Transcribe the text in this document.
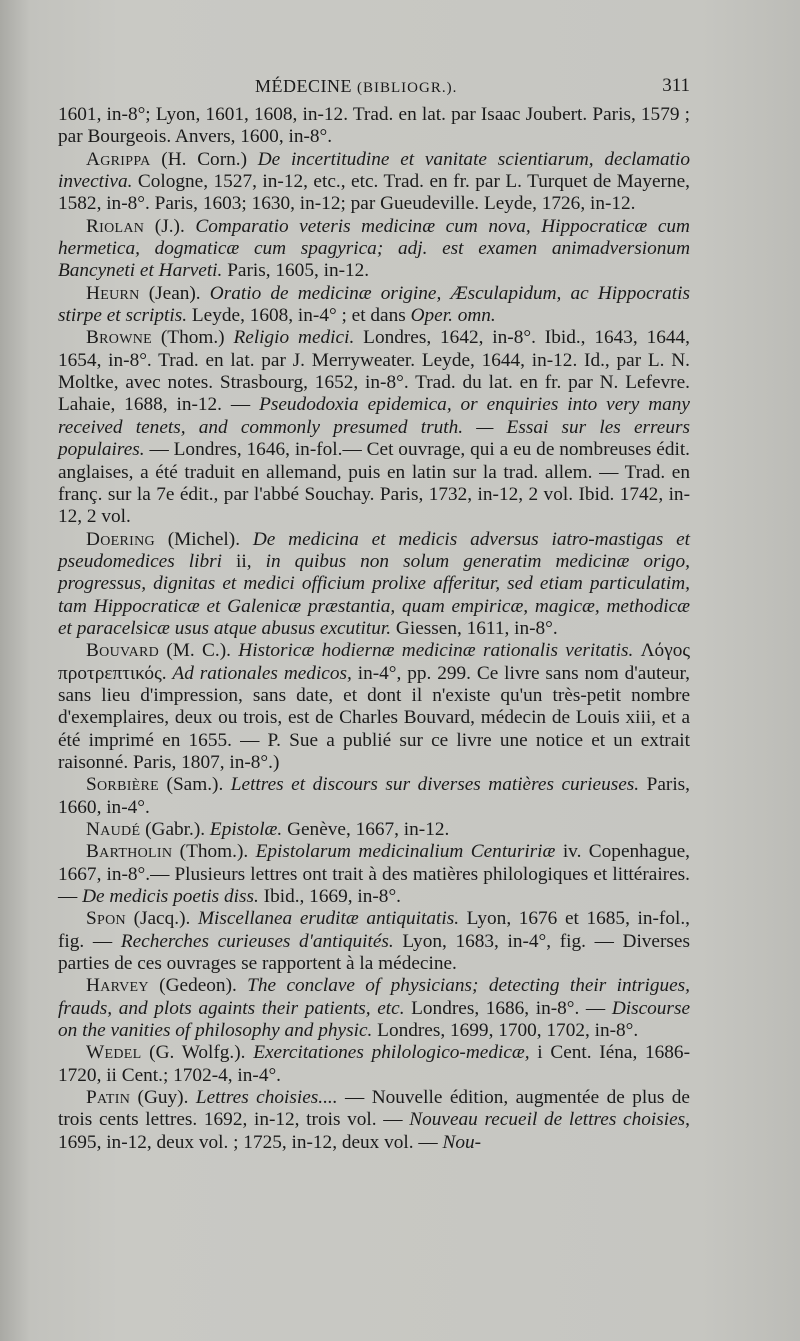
MÉDECINE (BIBLIOGR.).	311

1601, in-8°; Lyon, 1601, 1608, in-12. Trad. en lat. par Isaac Joubert. Paris, 1579 ; par Bourgeois. Anvers, 1600, in-8°.

Agrippa (H. Corn.) De incertitudine et vanitate scientiarum, declamatio invectiva. Cologne, 1527, in-12, etc., etc. Trad. en fr. par L. Turquet de Mayerne, 1582, in-8°. Paris, 1603; 1630, in-12; par Gueudeville. Leyde, 1726, in-12.

Riolan (J.). Comparatio veteris medicinæ cum nova, Hippocraticæ cum hermetica, dogmaticæ cum spagyrica; adj. est examen animadversionum Bancyneti et Harveti. Paris, 1605, in-12.

Heurn (Jean). Oratio de medicinæ origine, Æsculapidum, ac Hippocratis stirpe et scriptis. Leyde, 1608, in-4° ; et dans Oper. omn.

Browne (Thom.) Religio medici. Londres, 1642, in-8°. Ibid., 1643, 1644, 1654, in-8°. Trad. en lat. par J. Merryweater. Leyde, 1644, in-12. Id., par L. N. Moltke, avec notes. Strasbourg, 1652, in-8°. Trad. du lat. en fr. par N. Lefevre. Lahaie, 1688, in-12. — Pseudodoxia epidemica, or enquiries into very many received tenets, and commonly presumed truth. — Essai sur les erreurs populaires. — Londres, 1646, in-fol.— Cet ouvrage, qui a eu de nombreuses édit. anglaises, a été traduit en allemand, puis en latin sur la trad. allem. — Trad. en franç. sur la 7e édit., par l'abbé Souchay. Paris, 1732, in-12, 2 vol. Ibid. 1742, in-12, 2 vol.

Doering (Michel). De medicina et medicis adversus iatro-mastigas et pseudomedices libri ii, in quibus non solum generatim medicinæ origo, progressus, dignitas et medici officium prolixe afferitur, sed etiam particulatim, tam Hippocraticæ et Galenicæ præstantia, quam empiricæ, magicæ, methodicæ et paracelsicæ usus atque abusus excutitur. Giessen, 1611, in-8°.

Bouvard (M. C.). Historicæ hodiernæ medicinæ rationalis veritatis. Λόγος προτρεπτικός. Ad rationales medicos, in-4°, pp. 299. Ce livre sans nom d'auteur, sans lieu d'impression, sans date, et dont il n'existe qu'un très-petit nombre d'exemplaires, deux ou trois, est de Charles Bouvard, médecin de Louis xiii, et a été imprimé en 1655. — P. Sue a publié sur ce livre une notice et un extrait raisonné. Paris, 1807, in-8°.)

Sorbière (Sam.). Lettres et discours sur diverses matières curieuses. Paris, 1660, in-4°.

Naudé (Gabr.). Epistolæ. Genève, 1667, in-12.

Bartholin (Thom.). Epistolarum medicinalium Centuririæ iv. Copenhague, 1667, in-8°.— Plusieurs lettres ont trait à des matières philologiques et littéraires. — De medicis poetis diss. Ibid., 1669, in-8°.

Spon (Jacq.). Miscellanea eruditæ antiquitatis. Lyon, 1676 et 1685, in-fol., fig. — Recherches curieuses d'antiquités. Lyon, 1683, in-4°, fig. — Diverses parties de ces ouvrages se rapportent à la médecine.

Harvey (Gedeon). The conclave of physicians; detecting their intrigues, frauds, and plots againts their patients, etc. Londres, 1686, in-8°. — Discourse on the vanities of philosophy and physic. Londres, 1699, 1700, 1702, in-8°.

Wedel (G. Wolfg.). Exercitationes philologico-medicæ, i Cent. Iéna, 1686-1720, ii Cent.; 1702-4, in-4°.

Patin (Guy). Lettres choisies.... — Nouvelle édition, augmentée de plus de trois cents lettres. 1692, in-12, trois vol. — Nouveau recueil de lettres choisies, 1695, in-12, deux vol. ; 1725, in-12, deux vol. — Nou-
